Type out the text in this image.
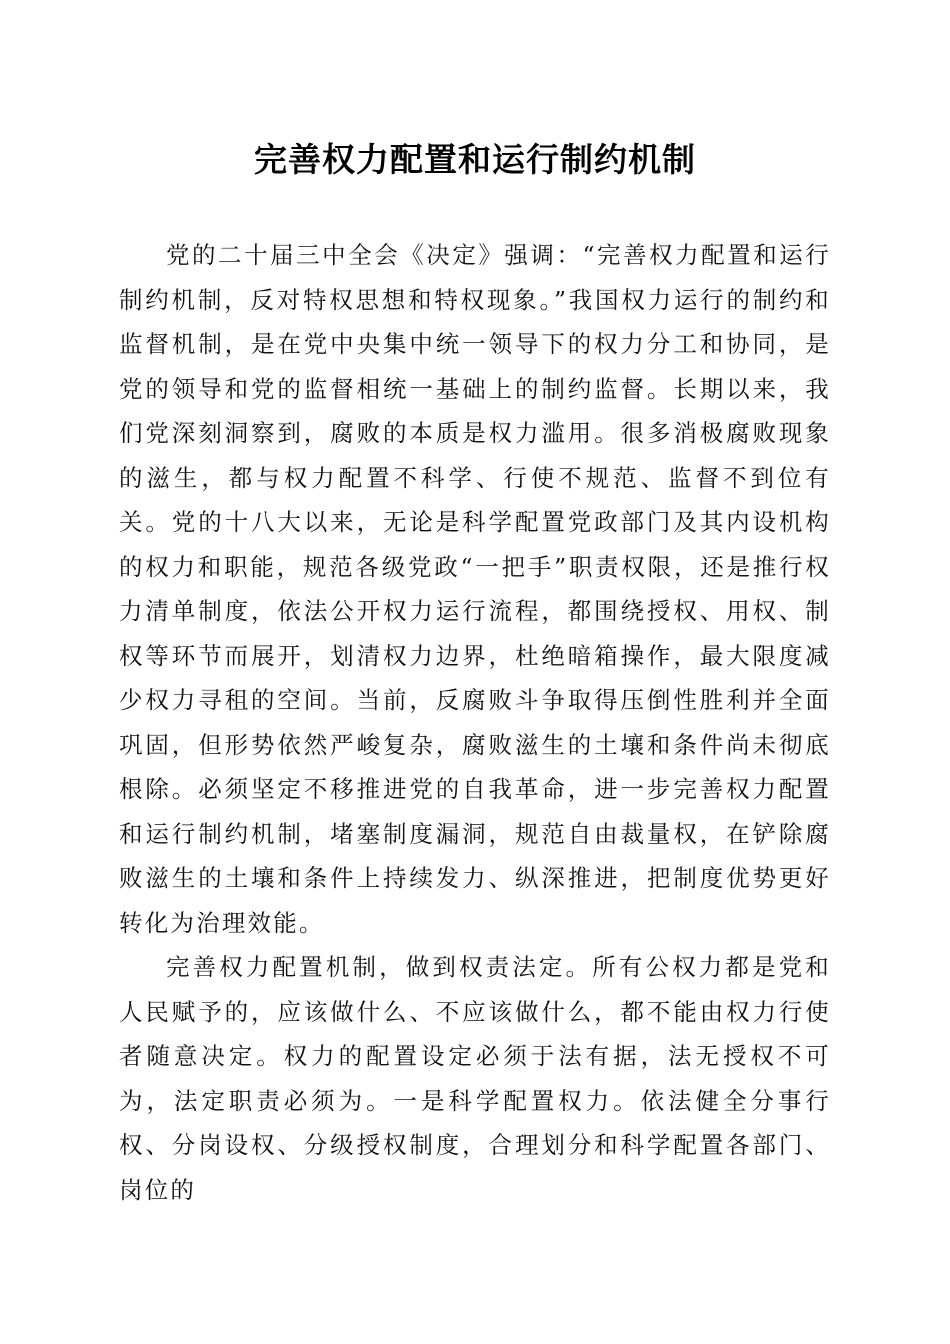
完善权力配置和运行制约机制

党的二十届三中全会《决定》强调：“完善权力配置和运行制约机制，反对特权思想和特权现象。”我国权力运行的制约和监督机制，是在党中央集中统一领导下的权力分工和协同，是党的领导和党的监督相统一基础上的制约监督。长期以来，我们党深刻洞察到，腐败的本质是权力滥用。很多消极腐败现象的滋生，都与权力配置不科学、行使不规范、监督不到位有关。党的十八大以来，无论是科学配置党政部门及其内设机构的权力和职能，规范各级党政“一把手”职责权限，还是推行权力清单制度，依法公开权力运行流程，都围绕授权、用权、制权等环节而展开，划清权力边界，杜绝暗箱操作，最大限度减少权力寻租的空间。当前，反腐败斗争取得压倒性胜利并全面巩固，但形势依然严峻复杂，腐败滋生的土壤和条件尚未彻底根除。必须坚定不移推进党的自我革命，进一步完善权力配置和运行制约机制，堵塞制度漏洞，规范自由裁量权，在铲除腐败滋生的土壤和条件上持续发力、纵深推进，把制度优势更好转化为治理效能。

完善权力配置机制，做到权责法定。所有公权力都是党和人民赋予的，应该做什么、不应该做什么，都不能由权力行使者随意决定。权力的配置设定必须于法有据，法无授权不可为，法定职责必须为。一是科学配置权力。依法健全分事行权、分岗设权、分级授权制度，合理划分和科学配置各部门、岗位的
